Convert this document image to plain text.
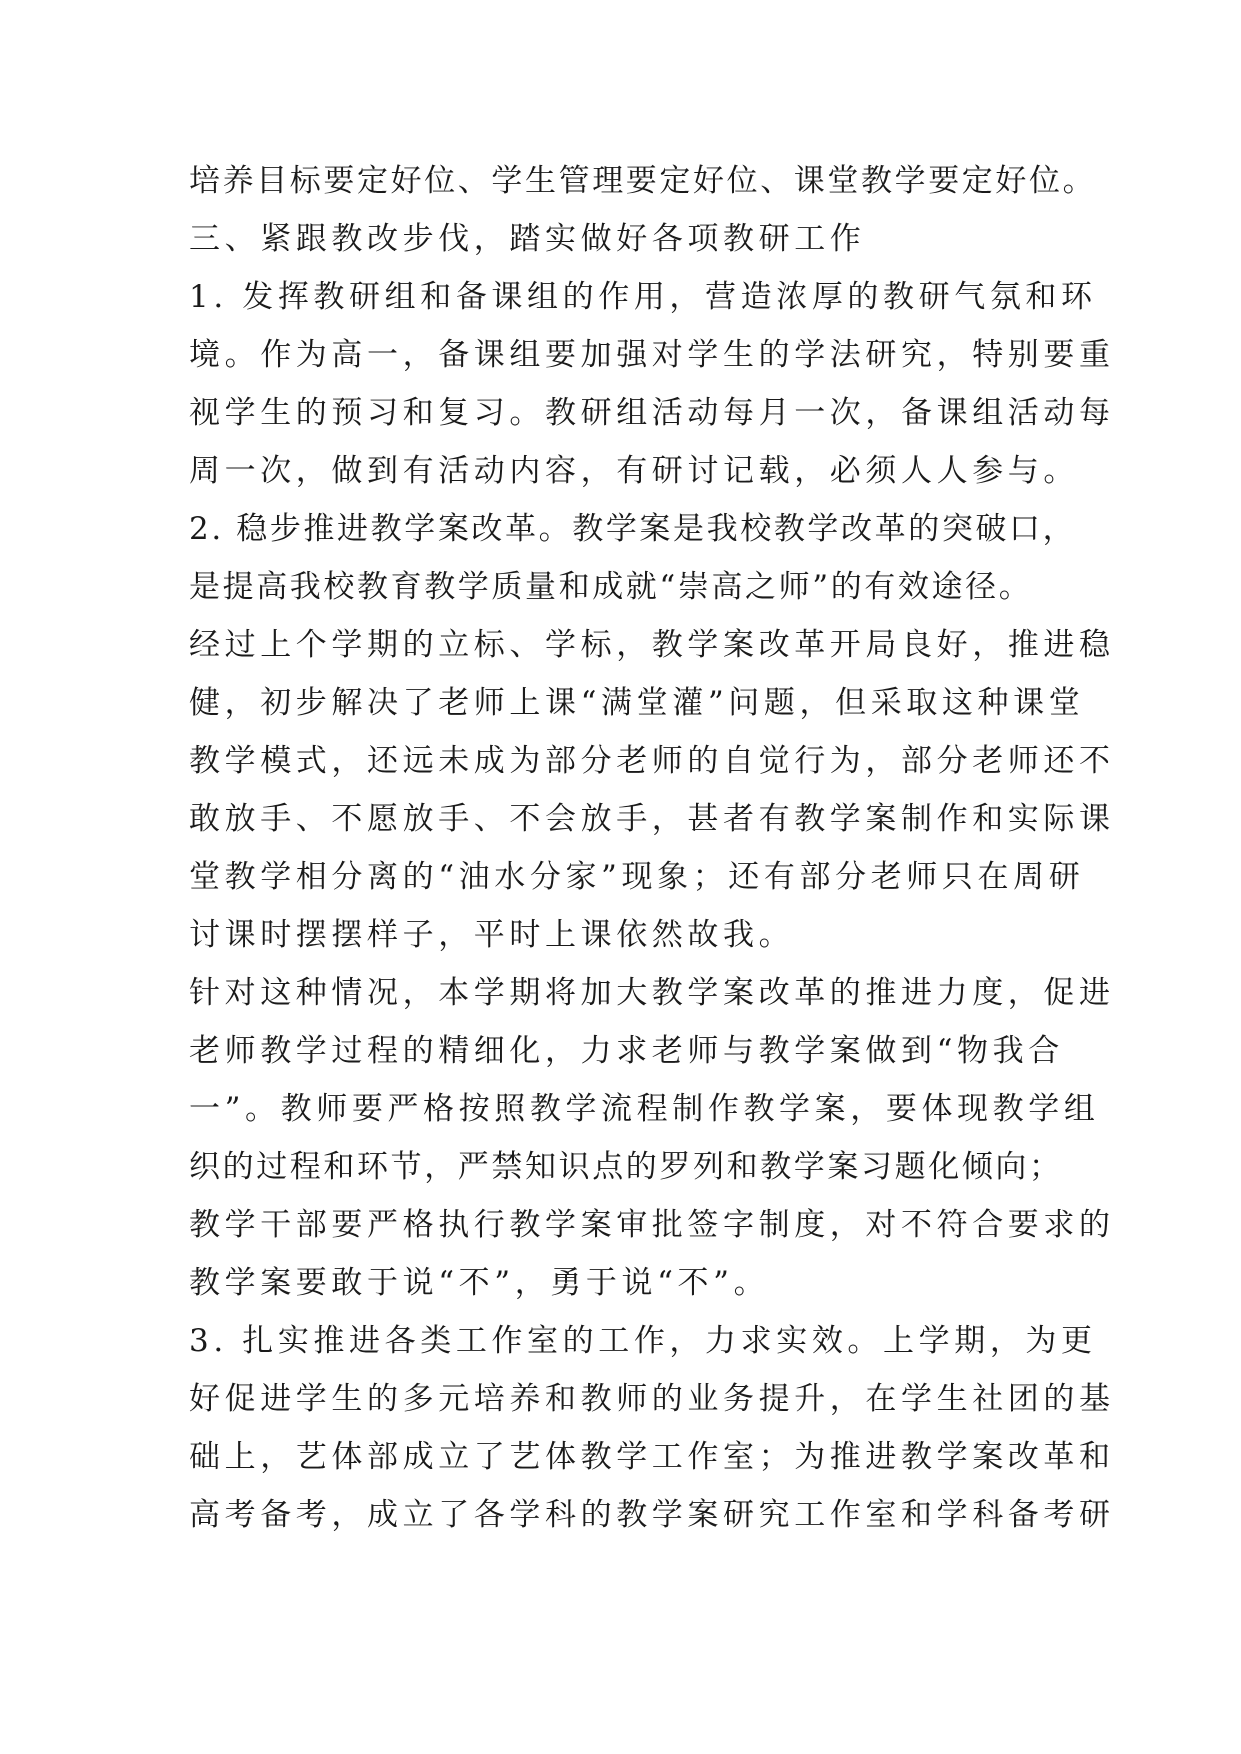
培养目标要定好位、学生管理要定好位、课堂教学要定好位。
三、紧跟教改步伐，踏实做好各项教研工作
1. 发挥教研组和备课组的作用，营造浓厚的教研气氛和环
境。作为高一，备课组要加强对学生的学法研究，特别要重
视学生的预习和复习。教研组活动每月一次，备课组活动每
周一次，做到有活动内容，有研讨记载，必须人人参与。
2. 稳步推进教学案改革。教学案是我校教学改革的突破口，
是提高我校教育教学质量和成就“崇高之师”的有效途径。
经过上个学期的立标、学标，教学案改革开局良好，推进稳
健，初步解决了老师上课“满堂灌”问题，但采取这种课堂
教学模式，还远未成为部分老师的自觉行为，部分老师还不
敢放手、不愿放手、不会放手，甚者有教学案制作和实际课
堂教学相分离的“油水分家”现象；还有部分老师只在周研
讨课时摆摆样子，平时上课依然故我。
针对这种情况，本学期将加大教学案改革的推进力度，促进
老师教学过程的精细化，力求老师与教学案做到“物我合
一”。教师要严格按照教学流程制作教学案，要体现教学组
织的过程和环节，严禁知识点的罗列和教学案习题化倾向；
教学干部要严格执行教学案审批签字制度，对不符合要求的
教学案要敢于说“不”，勇于说“不”。
3. 扎实推进各类工作室的工作，力求实效。上学期，为更
好促进学生的多元培养和教师的业务提升，在学生社团的基
础上，艺体部成立了艺体教学工作室；为推进教学案改革和
高考备考，成立了各学科的教学案研究工作室和学科备考研
